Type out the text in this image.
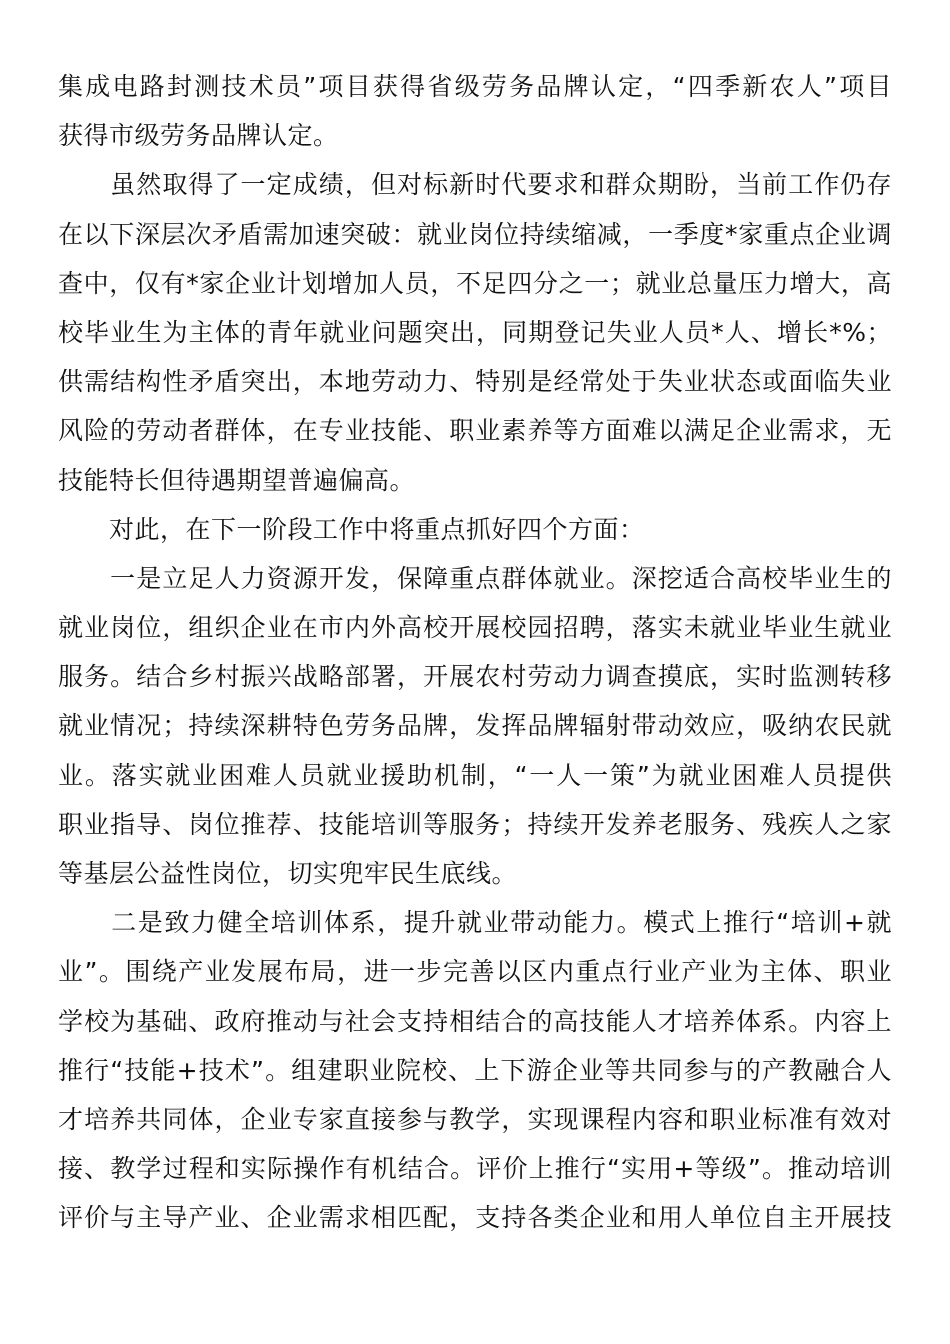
集成电路封测技术员”项目获得省级劳务品牌认定，“四季新农人”项目
获得市级劳务品牌认定。
　　虽然取得了一定成绩，但对标新时代要求和群众期盼，当前工作仍存
在以下深层次矛盾需加速突破：就业岗位持续缩减，一季度*家重点企业调
查中，仅有*家企业计划增加人员，不足四分之一；就业总量压力增大，高
校毕业生为主体的青年就业问题突出，同期登记失业人员*人、增长*%；
供需结构性矛盾突出，本地劳动力、特别是经常处于失业状态或面临失业
风险的劳动者群体，在专业技能、职业素养等方面难以满足企业需求，无
技能特长但待遇期望普遍偏高。
　　对此，在下一阶段工作中将重点抓好四个方面：
　　一是立足人力资源开发，保障重点群体就业。深挖适合高校毕业生的
就业岗位，组织企业在市内外高校开展校园招聘，落实未就业毕业生就业
服务。结合乡村振兴战略部署，开展农村劳动力调查摸底，实时监测转移
就业情况；持续深耕特色劳务品牌，发挥品牌辐射带动效应，吸纳农民就
业。落实就业困难人员就业援助机制，“一人一策”为就业困难人员提供
职业指导、岗位推荐、技能培训等服务；持续开发养老服务、残疾人之家
等基层公益性岗位，切实兜牢民生底线。
　　二是致力健全培训体系，提升就业带动能力。模式上推行“培训+就
业”。围绕产业发展布局，进一步完善以区内重点行业产业为主体、职业
学校为基础、政府推动与社会支持相结合的高技能人才培养体系。内容上
推行“技能+技术”。组建职业院校、上下游企业等共同参与的产教融合人
才培养共同体，企业专家直接参与教学，实现课程内容和职业标准有效对
接、教学过程和实际操作有机结合。评价上推行“实用+等级”。推动培训
评价与主导产业、企业需求相匹配，支持各类企业和用人单位自主开展技
